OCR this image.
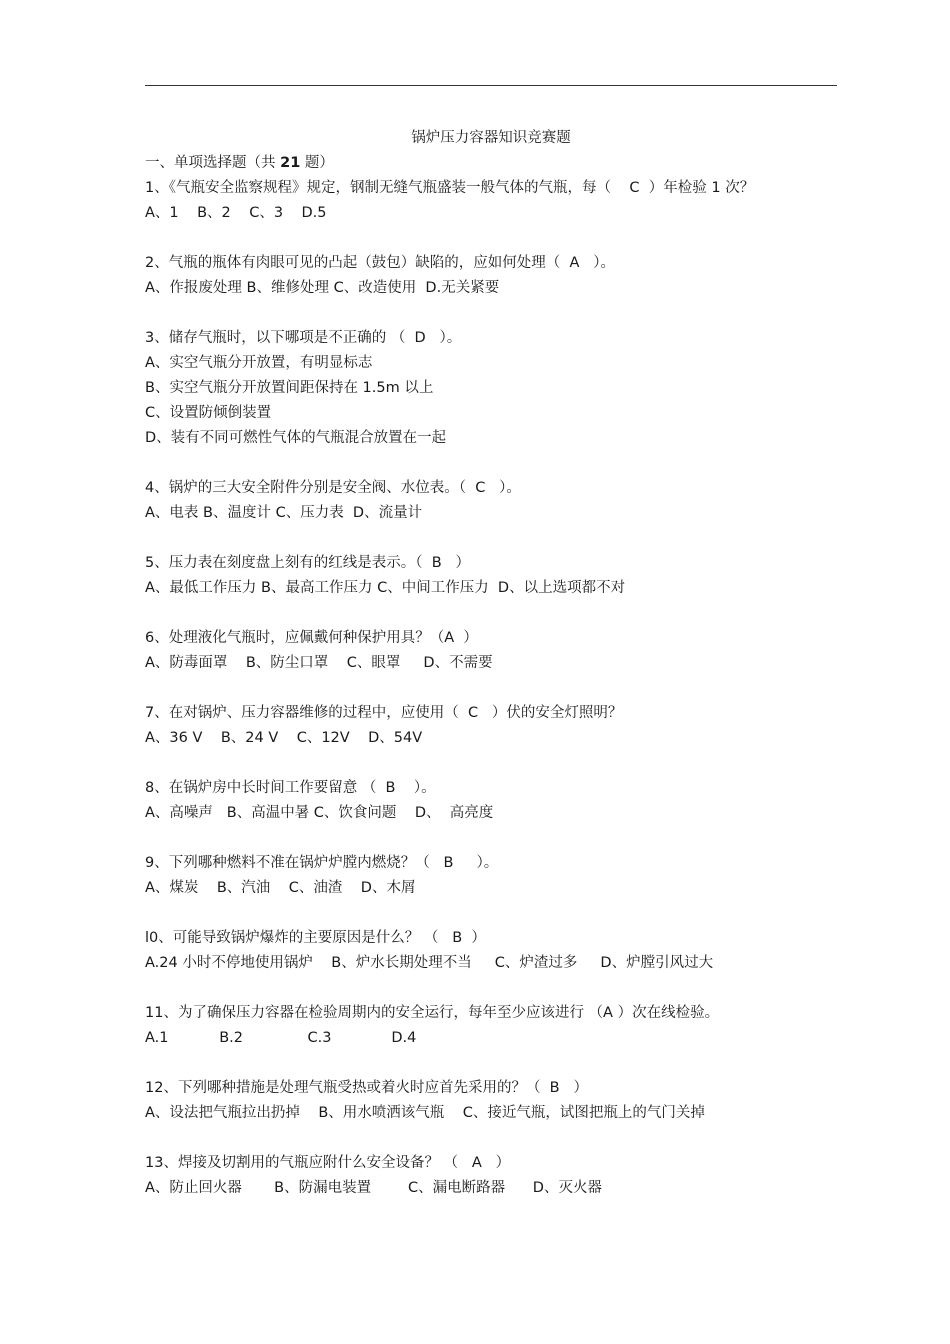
锅炉压力容器知识竞赛题
一、单项选择题（共 21 题）
1、《气瓶安全监察规程》规定，钢制无缝气瓶盛装一般气体的气瓶，每（    C  ）年检验 1 次？
A、1    B、2    C、3    D.5
2、气瓶的瓶体有肉眼可见的凸起（鼓包）缺陷的，应如何处理（  A   ）。
A、作报废处理 B、维修处理 C、改造使用  D.无关紧要
3、储存气瓶时，以下哪项是不正确的 （  D   ）。
A、实空气瓶分开放置，有明显标志
B、实空气瓶分开放置间距保持在 1.5m 以上
C、设置防倾倒装置
D、装有不同可燃性气体的气瓶混合放置在一起
4、锅炉的三大安全附件分别是安全阀、水位表。（  C   ）。
A、电表 B、温度计 C、压力表  D、流量计
5、压力表在刻度盘上刻有的红线是表示。（  B   ）
A、最低工作压力 B、最高工作压力 C、中间工作压力  D、以上选项都不对
6、处理液化气瓶时，应佩戴何种保护用具？（A  ）
A、防毒面罩    B、防尘口罩    C、眼罩     D、不需要
7、在对锅炉、压力容器维修的过程中，应使用（  C   ）伏的安全灯照明？
A、36 V    B、24 V    C、12V    D、54V
8、在锅炉房中长时间工作要留意 （  B    ）。
A、高噪声   B、高温中暑 C、饮食问题    D、  高亮度
9、下列哪种燃料不准在锅炉炉膛内燃烧？（   B     ）。
A、煤炭    B、汽油    C、油渣    D、木屑
l0、可能导致锅炉爆炸的主要原因是什么？ （   B  ）
A.24 小时不停地使用锅炉    B、炉水长期处理不当     C、炉渣过多     D、炉膛引风过大
11、为了确保压力容器在检验周期内的安全运行，每年至少应该进行 （A ）次在线检验。
A.1           B.2              C.3             D.4
12、下列哪种措施是处理气瓶受热或着火时应首先采用的？（  B   ）
A、设法把气瓶拉出扔掉    B、用水喷洒该气瓶    C、接近气瓶，试图把瓶上的气门关掉
13、焊接及切割用的气瓶应附什么安全设备？ （   A   ）
A、防止回火器       B、防漏电装置        C、漏电断路器      D、灭火器
